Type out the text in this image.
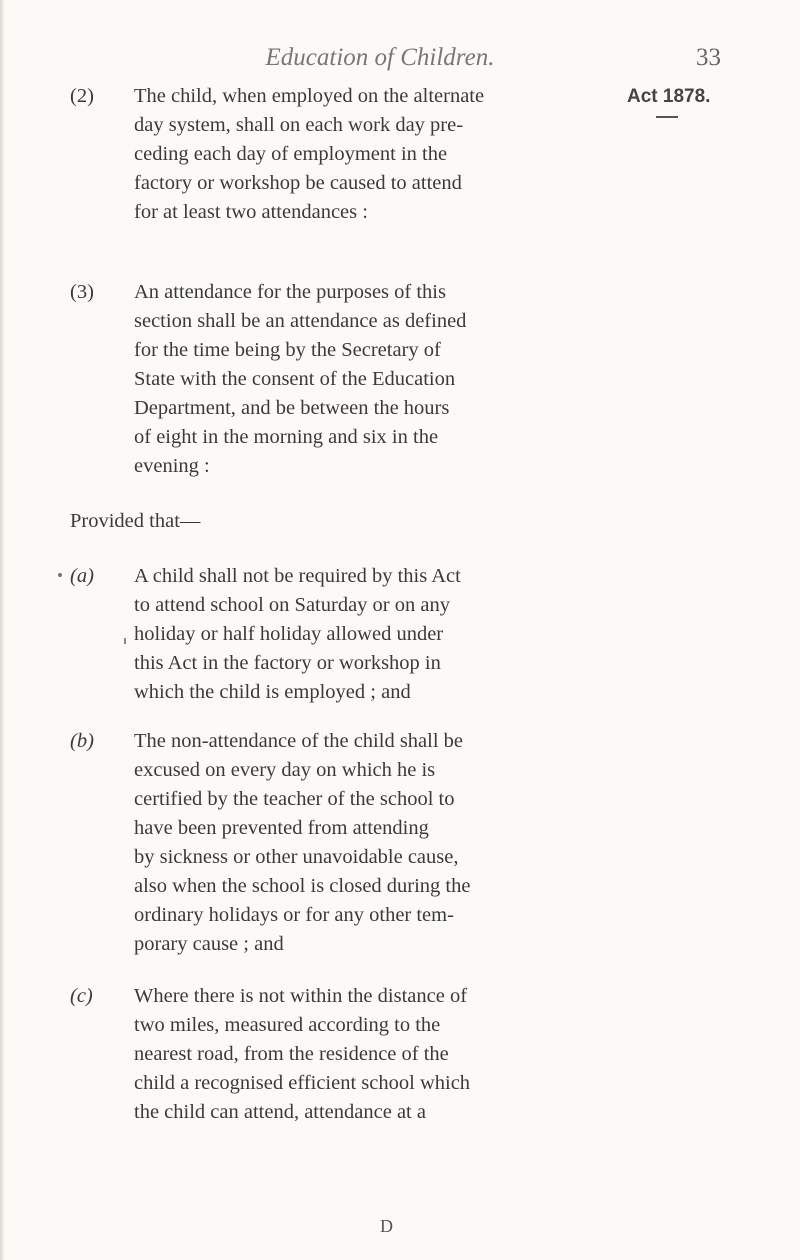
Education of Children.	33
Act 1878.
(2) The child, when employed on the alternate
day system, shall on each work day pre-
ceding each day of employment in the
factory or workshop be caused to attend
for at least two attendances :
(3) An attendance for the purposes of this
section shall be an attendance as defined
for the time being by the Secretary of
State with the consent of the Education
Department, and be between the hours
of eight in the morning and six in the
evening :
Provided that—
(a) A child shall not be required by this Act
to attend school on Saturday or on any
holiday or half holiday allowed under
this Act in the factory or workshop in
which the child is employed ; and
(b) The non-attendance of the child shall be
excused on every day on which he is
certified by the teacher of the school to
have been prevented from attending
by sickness or other unavoidable cause,
also when the school is closed during the
ordinary holidays or for any other tem-
porary cause ; and
(c) Where there is not within the distance of
two miles, measured according to the
nearest road, from the residence of the
child a recognised efficient school which
the child can attend, attendance at a
D
